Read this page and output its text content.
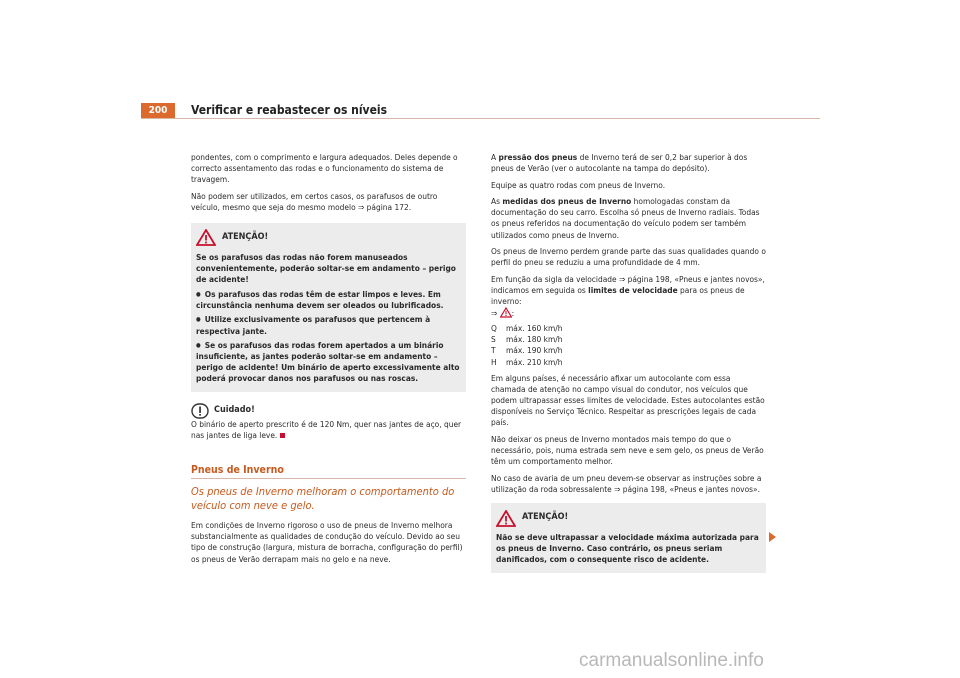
200	Verificar e reabastecer os níveis

pondentes, com o comprimento e largura adequados. Deles depende o correcto assentamento das rodas e o funcionamento do sistema de travagem.

Não podem ser utilizados, em certos casos, os parafusos de outro veículo, mesmo que seja do mesmo modelo ⇒ página 172.

ATENÇÃO!

Se os parafusos das rodas não forem manuseados convenientemente, poderão soltar-se em andamento – perigo de acidente!

● Os parafusos das rodas têm de estar limpos e leves. Em circunstância nenhuma devem ser oleados ou lubrificados.

● Utilize exclusivamente os parafusos que pertencem à respectiva jante.

● Se os parafusos das rodas forem apertados a um binário insuficiente, as jantes poderão soltar-se em andamento – perigo de acidente! Um binário de aperto excessivamente alto poderá provocar danos nos parafusos ou nas roscas.

Cuidado!

O binário de aperto prescrito é de 120 Nm, quer nas jantes de aço, quer nas jantes de liga leve.

Pneus de Inverno

Os pneus de Inverno melhoram o comportamento do veículo com neve e gelo.

Em condições de Inverno rigoroso o uso de pneus de Inverno melhora substancialmente as qualidades de condução do veículo. Devido ao seu tipo de construção (largura, mistura de borracha, configuração do perfil) os pneus de Verão derrapam mais no gelo e na neve.

A pressão dos pneus de Inverno terá de ser 0,2 bar superior à dos pneus de Verão (ver o autocolante na tampa do depósito).

Equipe as quatro rodas com pneus de Inverno.

As medidas dos pneus de Inverno homologadas constam da documentação do seu carro. Escolha só pneus de Inverno radiais. Todas os pneus referidos na documentação do veículo podem ser também utilizados como pneus de Inverno.

Os pneus de Inverno perdem grande parte das suas qualidades quando o perfil do pneu se reduziu a uma profundidade de 4 mm.

Em função da sigla da velocidade ⇒ página 198, «Pneus e jantes novos», indicamos em seguida os limites de velocidade para os pneus de inverno:
⇒ :

Q	máx. 160 km/h
S	máx. 180 km/h
T	máx. 190 km/h
H	máx. 210 km/h

Em alguns países, é necessário afixar um autocolante com essa chamada de atenção no campo visual do condutor, nos veículos que podem ultrapassar esses limites de velocidade. Estes autocolantes estão disponíveis no Serviço Técnico. Respeitar as prescrições legais de cada país.

Não deixar os pneus de Inverno montados mais tempo do que o necessário, pois, numa estrada sem neve e sem gelo, os pneus de Verão têm um comportamento melhor.

No caso de avaria de um pneu devem-se observar as instruções sobre a utilização da roda sobressalente ⇒ página 198, «Pneus e jantes novos».

ATENÇÃO!

Não se deve ultrapassar a velocidade máxima autorizada para os pneus de Inverno. Caso contrário, os pneus seriam danificados, com o consequente risco de acidente.

carmanualsonline.info
